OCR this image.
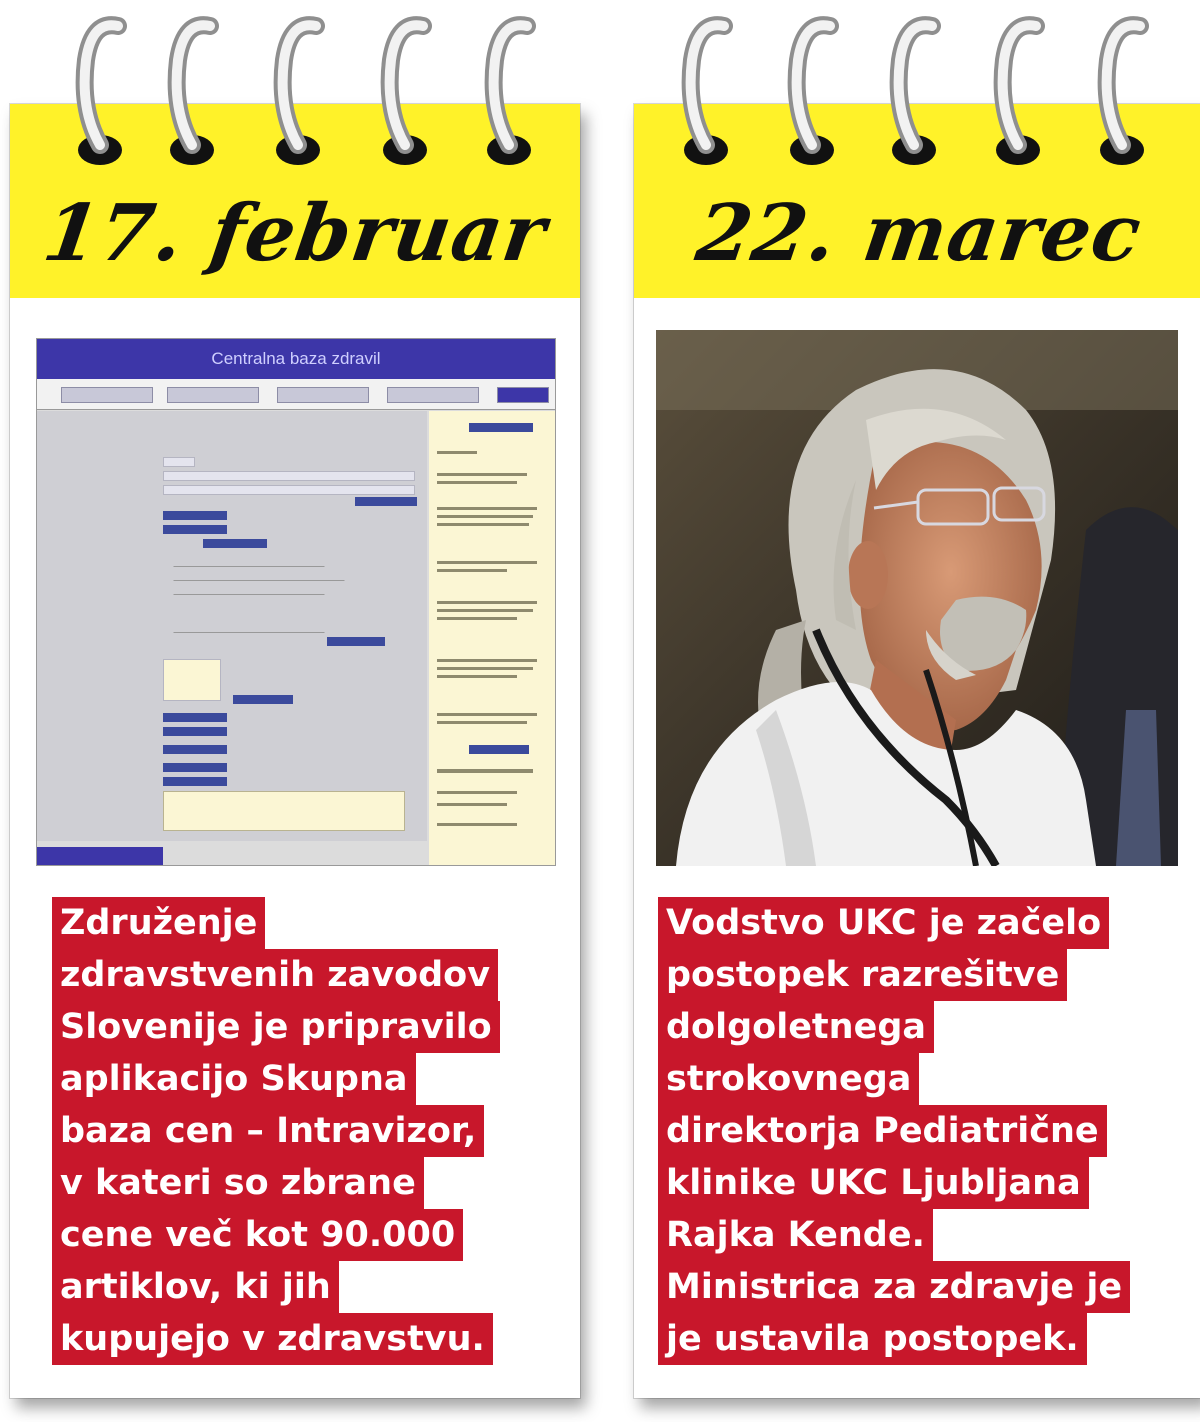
17. februar
Centralna baza zdravil
Združenje
zdravstvenih zavodov
Slovenije je pripravilo
aplikacijo Skupna
baza cen – Intravizor,
v kateri so zbrane
cene več kot 90.000
artiklov, ki jih
kupujejo v zdravstvu.
22. marec
Vodstvo UKC je začelo
postopek razrešitve
dolgoletnega
strokovnega
direktorja Pediatrične
klinike UKC Ljubljana
Rajka Kende.
Ministrica za zdravje je
je ustavila postopek.
